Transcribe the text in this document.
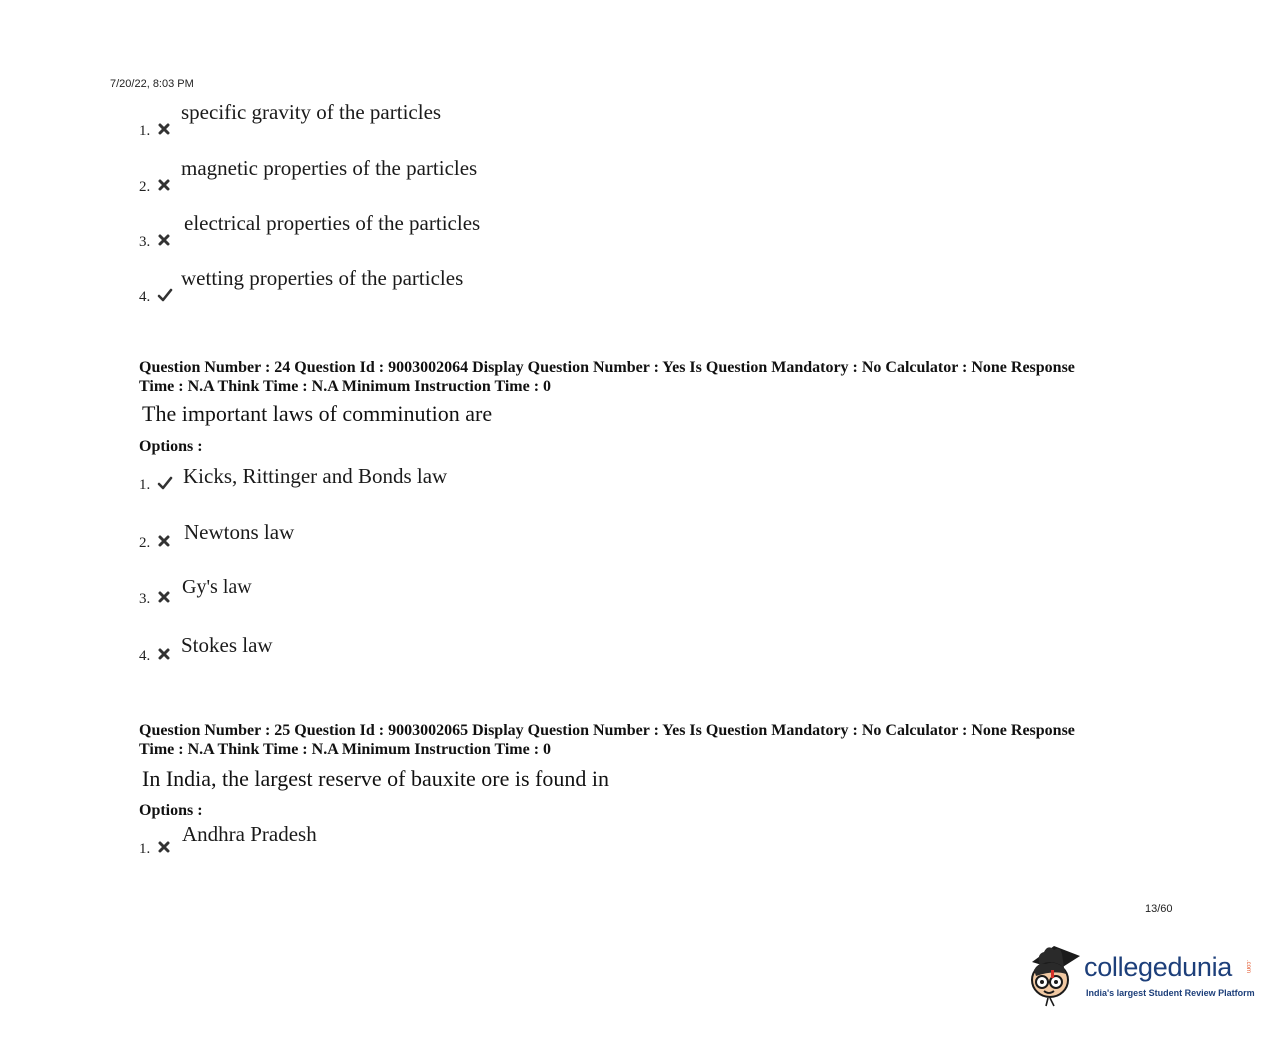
7/20/22, 8:03 PM
1.
specific gravity of the particles
2.
magnetic properties of the particles
3.
electrical properties of the particles
4.
wetting properties of the particles
Question Number : 24 Question Id : 9003002064 Display Question Number : Yes Is Question Mandatory : No Calculator : None Response
Time : N.A Think Time : N.A Minimum Instruction Time : 0
The important laws of comminution are
Options :
1. Kicks, Rittinger and Bonds law
2. Newtons law
3.
Gy's law
4. Stokes law
Question Number : 25 Question Id : 9003002065 Display Question Number : Yes Is Question Mandatory : No Calculator : None Response
Time : N.A Think Time : N.A Minimum Instruction Time : 0
In India, the largest reserve of bauxite ore is found in
Options :
1.
Andhra Pradesh
13/60
collegedunia .com
India's largest Student Review Platform
